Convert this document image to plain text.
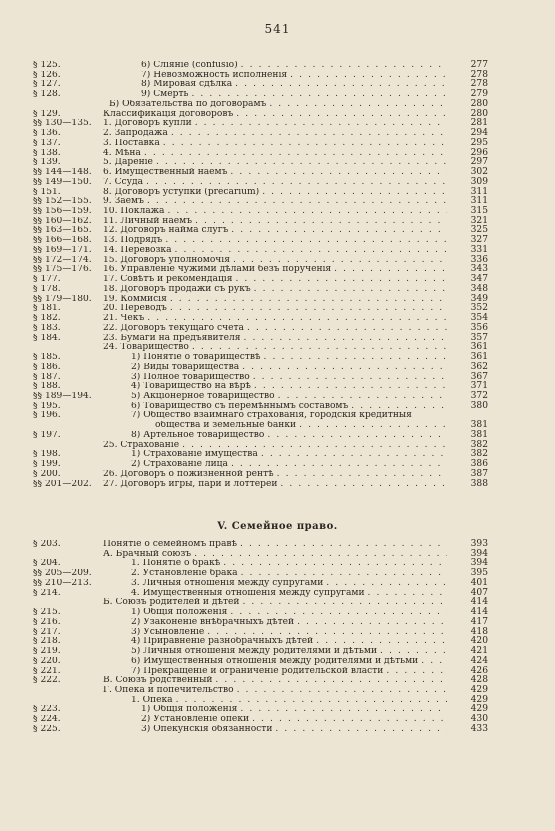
541
§ 125.	6) Слiянiе (confusio) . . .	277
§ 126.	7) Невозможность исполненія . . .	278
§ 127.	8) Мировая сдѣлка . . .	278
§ 128.	9) Смерть . . .	279
Б) Обязательства по договорамъ . . .	280
§ 129.	Классификація договоровъ . . .	280
§§ 130—135.	1. Договоръ купли . . .	281
§ 136.	2. Запродажа . . .	294
§ 137.	3. Поставка . . .	295
§ 138.	4. Мѣна . . .	296
§ 139.	5. Дареніе . . .	297
§§ 144—148.	6. Имущественный наемъ . . .	302
§§ 149—150.	7. Ссуда . . .	309
§ 151.	8. Договоръ уступки (precarium) . . .	311
§§ 152—155.	9. Заемъ . . .	311
§§ 156—159.	10. Поклажа . . .	315
§§ 160—162.	11. Личный наемъ . . .	321
§§ 163—165.	12. Договоръ найма слугъ . . .	325
§§ 166—168.	13. Подрядъ . . .	327
§§ 169—171.	14. Перевозка . . .	331
§§ 172—174.	15. Договоръ уполномочія . . .	336
§§ 175—176.	16. Управленіе чужими дѣлами безъ порученія . . .	343
§ 177.	17. Совѣтъ и рекомендація . . .	347
§ 178.	18. Договоръ продажи съ рукъ . . .	348
§§ 179—180.	19. Коммисія . . .	349
§ 181.	20. Переводъ . . .	352
§ 182.	21. Чекъ . . .	354
§ 183.	22. Договоръ текущаго счета . . .	356
§ 184.	23. Бумаги на предъявителя . . .	357
24. Товарищество . . .	361
§ 185.	1) Понятіе о товариществѣ . . .	361
§ 186.	2) Виды товарищества . . .	362
§ 187.	3) Полное товарищество . . .	367
§ 188.	4) Товарищество на вѣрѣ . . .	371
§§ 189—194.	5) Акціонерное товарищество . . .	372
§ 195.	6) Товарищество съ перемѣннымъ составомъ . . .	380
§ 196.	7) Общество взаимнаго страхованія, городскія кредитныя
общества и земельные банки . . .	381
§ 197.	8) Артельное товарищество . . .	381
25. Страхованіе . . .	382
§ 198.	1) Страхованіе имущества . . .	382
§ 199.	2) Страхованіе лица . . .	386
§ 200.	26. Договоръ о пожизненной рентѣ . . .	387
§§ 201—202.	27. Договоръ игры, пари и лоттереи . . .	388
V. Семейное право.
§ 203.	Понятіе о семейномъ правѣ . . .	393
А. Брачный союзъ . . .	394
§ 204.	1. Понятіе о бракѣ . . .	394
§§ 205—209.	2. Установленіе брака . . .	395
§§ 210—213.	3. Личныя отношенія между супругами . . .	401
§ 214.	4. Имущественныя отношенія между супругами . . .	407
Б. Союзъ родителей и дѣтей . . .	414
§ 215.	1) Общія положенія . . .	414
§ 216.	2) Узаконеніе внѣбрачныхъ дѣтей . . .	417
§ 217.	3) Усыновленіе . . .	418
§ 218.	4) Приравненіе разнобрачныхъ дѣтей . . .	420
§ 219.	5) Личныя отношенія между родителями и дѣтьми . . .	421
§ 220.	6) Имущественныя отношенія между родителями и дѣтьми . . .	424
§ 221.	7) Прекращеніе и ограниченіе родительской власти . . .	426
§ 222.	В. Союзъ родственный . . .	428
Г. Опека и попечительство . . .	429
1. Опека . . .	429
§ 223.	1) Общія положенія . . .	429
§ 224.	2) Установленіе опеки . . .	430
§ 225.	3) Опекунскія обязанности . . .	433
